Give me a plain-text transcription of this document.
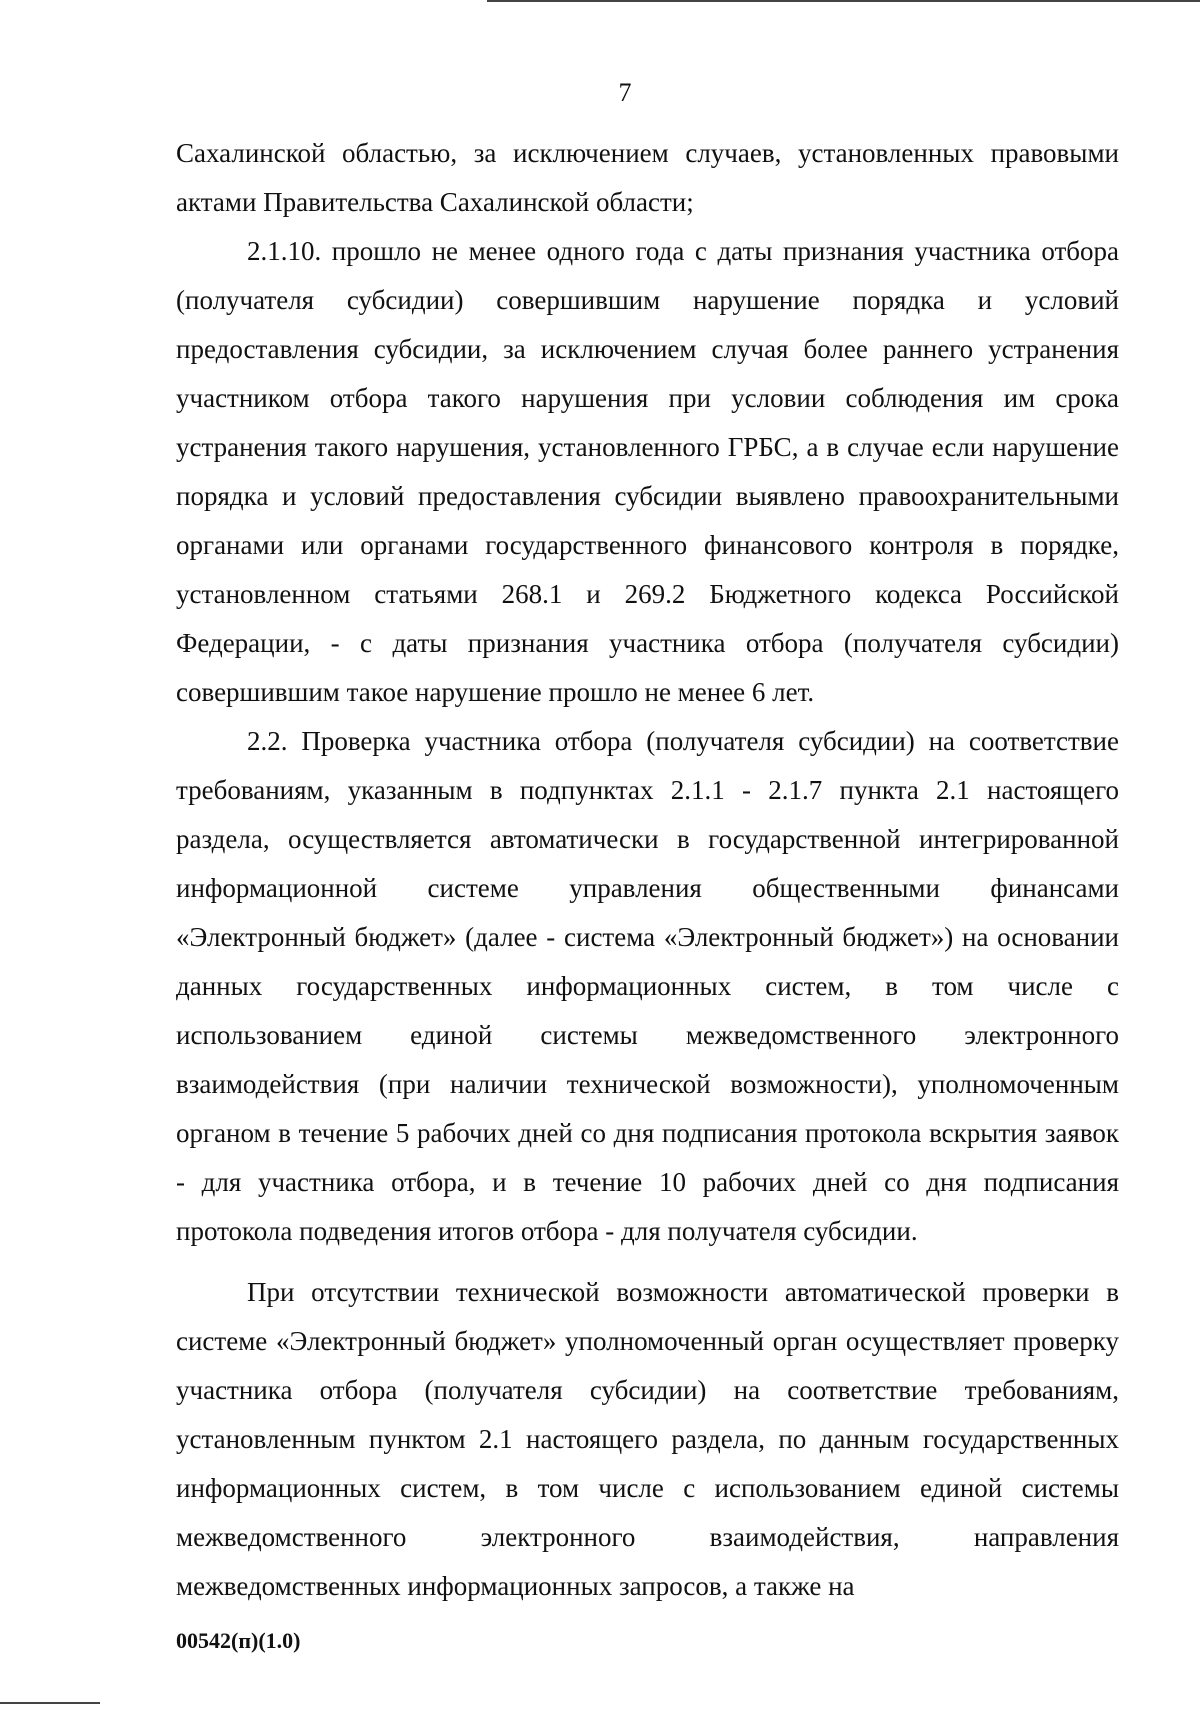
7

Сахалинской областью, за исключением случаев, установленных правовыми актами Правительства Сахалинской области;

2.1.10. прошло не менее одного года с даты признания участника отбора (получателя субсидии) совершившим нарушение порядка и условий предоставления субсидии, за исключением случая более раннего устранения участником отбора такого нарушения при условии соблюдения им срока устранения такого нарушения, установленного ГРБС, а в случае если нарушение порядка и условий предоставления субсидии выявлено правоохранительными органами или органами государственного финансового контроля в порядке, установленном статьями 268.1 и 269.2 Бюджетного кодекса Российской Федерации, - с даты признания участника отбора (получателя субсидии) совершившим такое нарушение прошло не менее 6 лет.

2.2. Проверка участника отбора (получателя субсидии) на соответствие требованиям, указанным в подпунктах 2.1.1 - 2.1.7 пункта 2.1 настоящего раздела, осуществляется автоматически в государственной интегрированной информационной системе управления общественными финансами «Электронный бюджет» (далее - система «Электронный бюджет») на основании данных государственных информационных систем, в том числе с использованием единой системы межведомственного электронного взаимодействия (при наличии технической возможности), уполномоченным органом в течение 5 рабочих дней со дня подписания протокола вскрытия заявок - для участника отбора, и в течение 10 рабочих дней со дня подписания протокола подведения итогов отбора - для получателя субсидии.

При отсутствии технической возможности автоматической проверки в системе «Электронный бюджет» уполномоченный орган осуществляет проверку участника отбора (получателя субсидии) на соответствие требованиям, установленным пунктом 2.1 настоящего раздела, по данным государственных информационных систем, в том числе с использованием единой системы межведомственного электронного взаимодействия, направления межведомственных информационных запросов, а также на

00542(п)(1.0)
